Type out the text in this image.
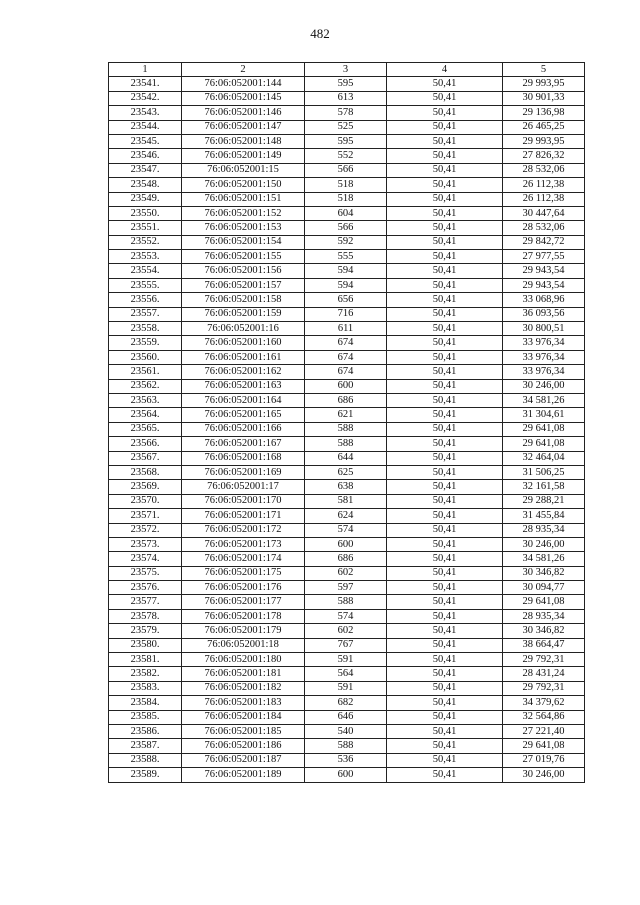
482
1	2	3	4	5
23541.	76:06:052001:144	595	50,41	29 993,95
23542.	76:06:052001:145	613	50,41	30 901,33
23543.	76:06:052001:146	578	50,41	29 136,98
23544.	76:06:052001:147	525	50,41	26 465,25
23545.	76:06:052001:148	595	50,41	29 993,95
23546.	76:06:052001:149	552	50,41	27 826,32
23547.	76:06:052001:15	566	50,41	28 532,06
23548.	76:06:052001:150	518	50,41	26 112,38
23549.	76:06:052001:151	518	50,41	26 112,38
23550.	76:06:052001:152	604	50,41	30 447,64
23551.	76:06:052001:153	566	50,41	28 532,06
23552.	76:06:052001:154	592	50,41	29 842,72
23553.	76:06:052001:155	555	50,41	27 977,55
23554.	76:06:052001:156	594	50,41	29 943,54
23555.	76:06:052001:157	594	50,41	29 943,54
23556.	76:06:052001:158	656	50,41	33 068,96
23557.	76:06:052001:159	716	50,41	36 093,56
23558.	76:06:052001:16	611	50,41	30 800,51
23559.	76:06:052001:160	674	50,41	33 976,34
23560.	76:06:052001:161	674	50,41	33 976,34
23561.	76:06:052001:162	674	50,41	33 976,34
23562.	76:06:052001:163	600	50,41	30 246,00
23563.	76:06:052001:164	686	50,41	34 581,26
23564.	76:06:052001:165	621	50,41	31 304,61
23565.	76:06:052001:166	588	50,41	29 641,08
23566.	76:06:052001:167	588	50,41	29 641,08
23567.	76:06:052001:168	644	50,41	32 464,04
23568.	76:06:052001:169	625	50,41	31 506,25
23569.	76:06:052001:17	638	50,41	32 161,58
23570.	76:06:052001:170	581	50,41	29 288,21
23571.	76:06:052001:171	624	50,41	31 455,84
23572.	76:06:052001:172	574	50,41	28 935,34
23573.	76:06:052001:173	600	50,41	30 246,00
23574.	76:06:052001:174	686	50,41	34 581,26
23575.	76:06:052001:175	602	50,41	30 346,82
23576.	76:06:052001:176	597	50,41	30 094,77
23577.	76:06:052001:177	588	50,41	29 641,08
23578.	76:06:052001:178	574	50,41	28 935,34
23579.	76:06:052001:179	602	50,41	30 346,82
23580.	76:06:052001:18	767	50,41	38 664,47
23581.	76:06:052001:180	591	50,41	29 792,31
23582.	76:06:052001:181	564	50,41	28 431,24
23583.	76:06:052001:182	591	50,41	29 792,31
23584.	76:06:052001:183	682	50,41	34 379,62
23585.	76:06:052001:184	646	50,41	32 564,86
23586.	76:06:052001:185	540	50,41	27 221,40
23587.	76:06:052001:186	588	50,41	29 641,08
23588.	76:06:052001:187	536	50,41	27 019,76
23589.	76:06:052001:189	600	50,41	30 246,00
